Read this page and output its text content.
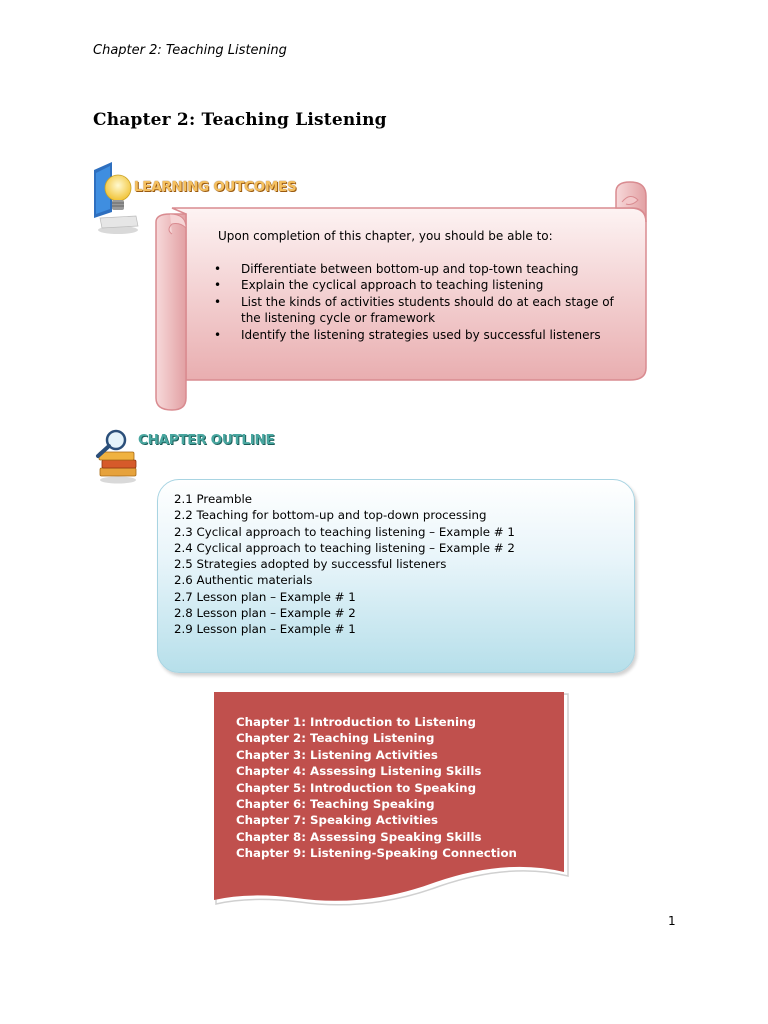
Chapter 2: Teaching Listening
Chapter 2: Teaching Listening
LEARNING OUTCOMES
Upon completion of this chapter, you should be able to:
• Differentiate between bottom-up and top-town teaching
• Explain the cyclical approach to teaching listening
• List the kinds of activities students should do at each stage of the listening cycle or framework
• Identify the listening strategies used by successful listeners
CHAPTER OUTLINE
2.1 Preamble
2.2 Teaching for bottom-up and top-down processing
2.3 Cyclical approach to teaching listening – Example # 1
2.4 Cyclical approach to teaching listening – Example # 2
2.5 Strategies adopted by successful listeners
2.6 Authentic materials
2.7 Lesson plan – Example # 1
2.8 Lesson plan – Example # 2
2.9 Lesson plan – Example # 1
Chapter 1: Introduction to Listening
Chapter 2: Teaching Listening
Chapter 3: Listening Activities
Chapter 4: Assessing Listening Skills
Chapter 5: Introduction to Speaking
Chapter 6: Teaching Speaking
Chapter 7: Speaking Activities
Chapter 8: Assessing Speaking Skills
Chapter 9: Listening-Speaking Connection
1
